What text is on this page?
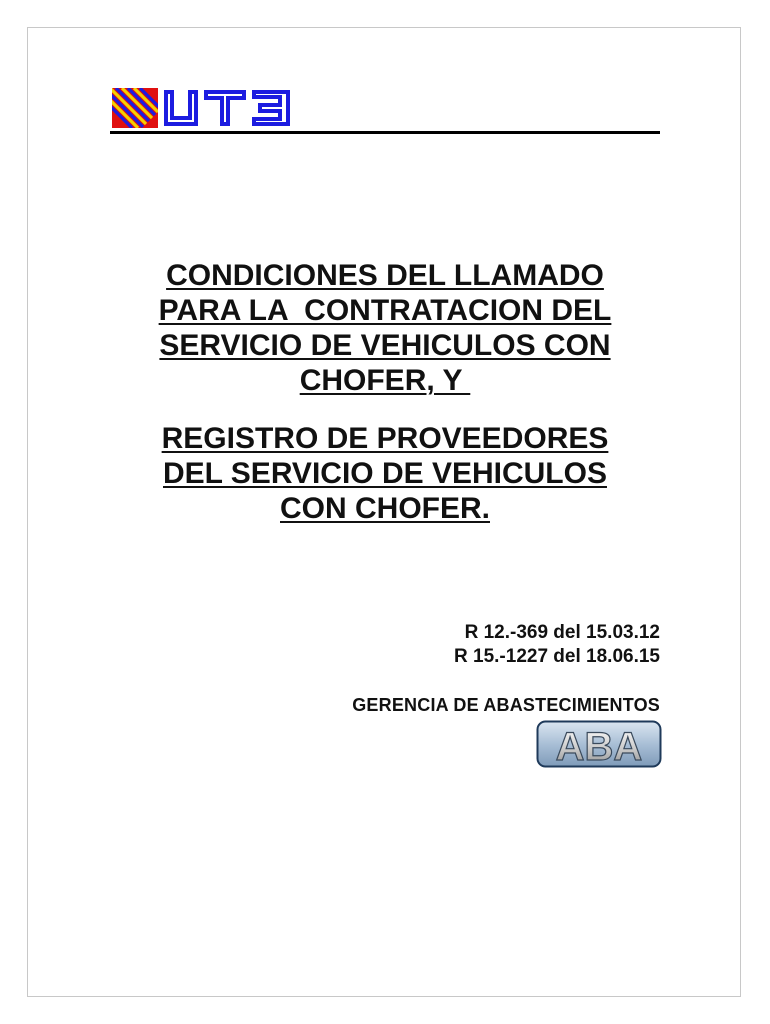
CONDICIONES DEL LLAMADO
PARA LA  CONTRATACION DEL
SERVICIO DE VEHICULOS CON
CHOFER, Y
REGISTRO DE PROVEEDORES
DEL SERVICIO DE VEHICULOS
CON CHOFER.
R 12.-369 del 15.03.12
R 15.-1227 del 18.06.15
GERENCIA DE ABASTECIMIENTOS
ABA
